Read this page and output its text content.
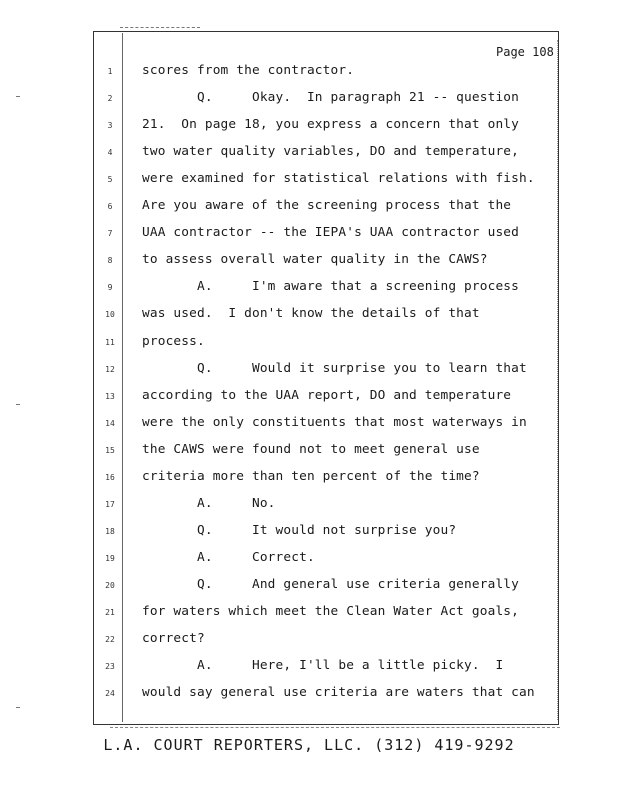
Page 108
1	scores from the contractor.
2	Q.     Okay.  In paragraph 21 -- question
3	21.  On page 18, you express a concern that only
4	two water quality variables, DO and temperature,
5	were examined for statistical relations with fish.
6	Are you aware of the screening process that the
7	UAA contractor -- the IEPA's UAA contractor used
8	to assess overall water quality in the CAWS?
9	A.     I'm aware that a screening process
10	was used.  I don't know the details of that
11	process.
12	Q.     Would it surprise you to learn that
13	according to the UAA report, DO and temperature
14	were the only constituents that most waterways in
15	the CAWS were found not to meet general use
16	criteria more than ten percent of the time?
17	A.     No.
18	Q.     It would not surprise you?
19	A.     Correct.
20	Q.     And general use criteria generally
21	for waters which meet the Clean Water Act goals,
22	correct?
23	A.     Here, I'll be a little picky.  I
24	would say general use criteria are waters that can
L.A. COURT REPORTERS, LLC. (312) 419-9292
